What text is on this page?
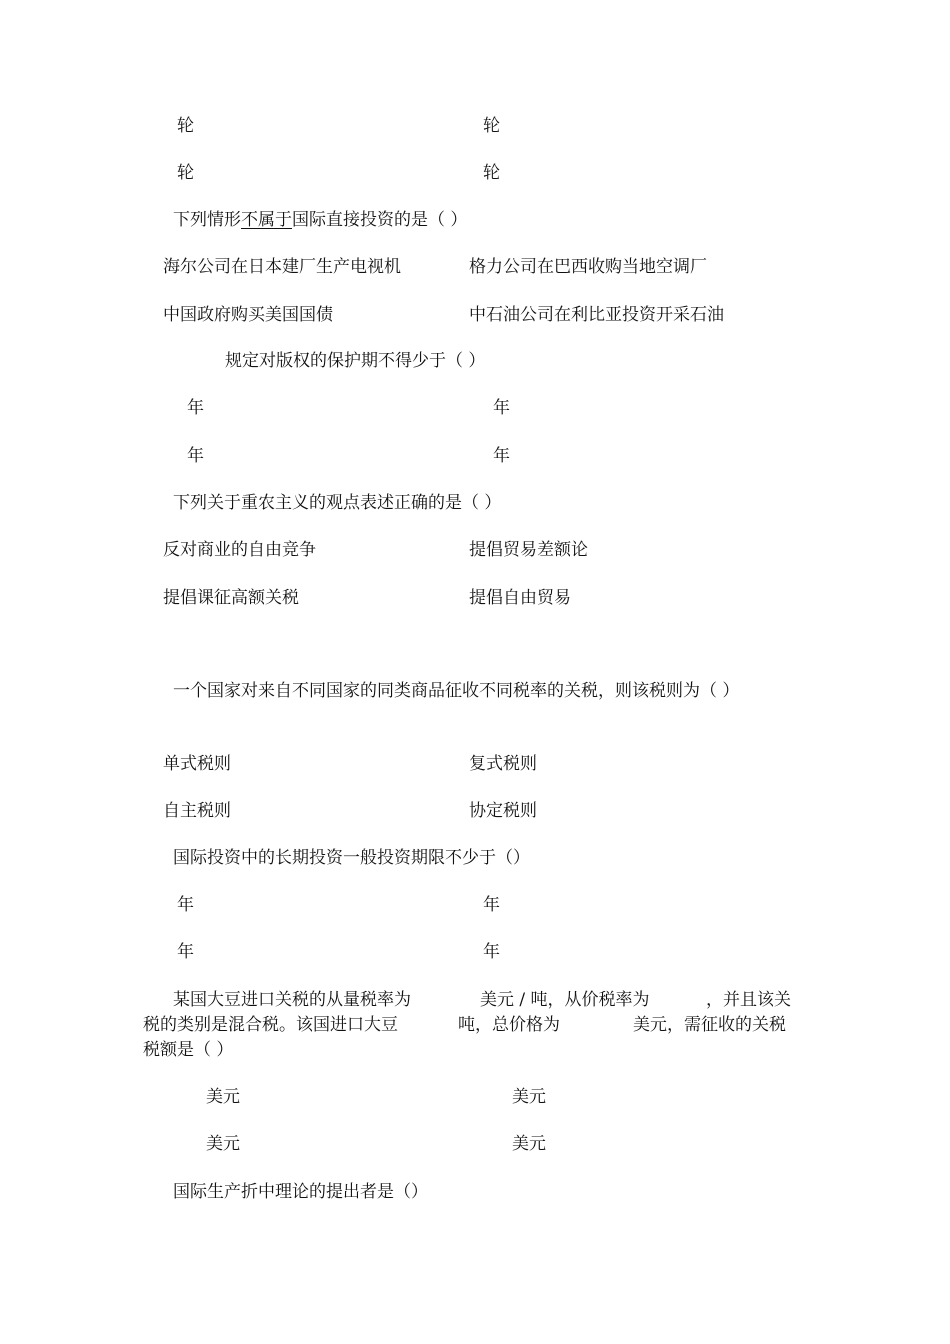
轮	轮
轮	轮
下列情形不属于国际直接投资的是（ ）
海尔公司在日本建厂生产电视机	格力公司在巴西收购当地空调厂
中国政府购买美国国债	中石油公司在利比亚投资开采石油
规定对版权的保护期不得少于（ ）
年	年
年	年
下列关于重农主义的观点表述正确的是（ ）
反对商业的自由竞争	提倡贸易差额论
提倡课征高额关税	提倡自由贸易
一个国家对来自不同国家的同类商品征收不同税率的关税，则该税则为（ ）
单式税则	复式税则
自主税则	协定税则
国际投资中的长期投资一般投资期限不少于（）
年	年
年	年
某国大豆进口关税的从量税率为	美元 / 吨，从价税率为	，并且该关
税的类别是混合税。该国进口大豆	吨，总价格为	美元，需征收的关税
税额是（ ）
美元	美元
美元	美元
国际生产折中理论的提出者是（）
